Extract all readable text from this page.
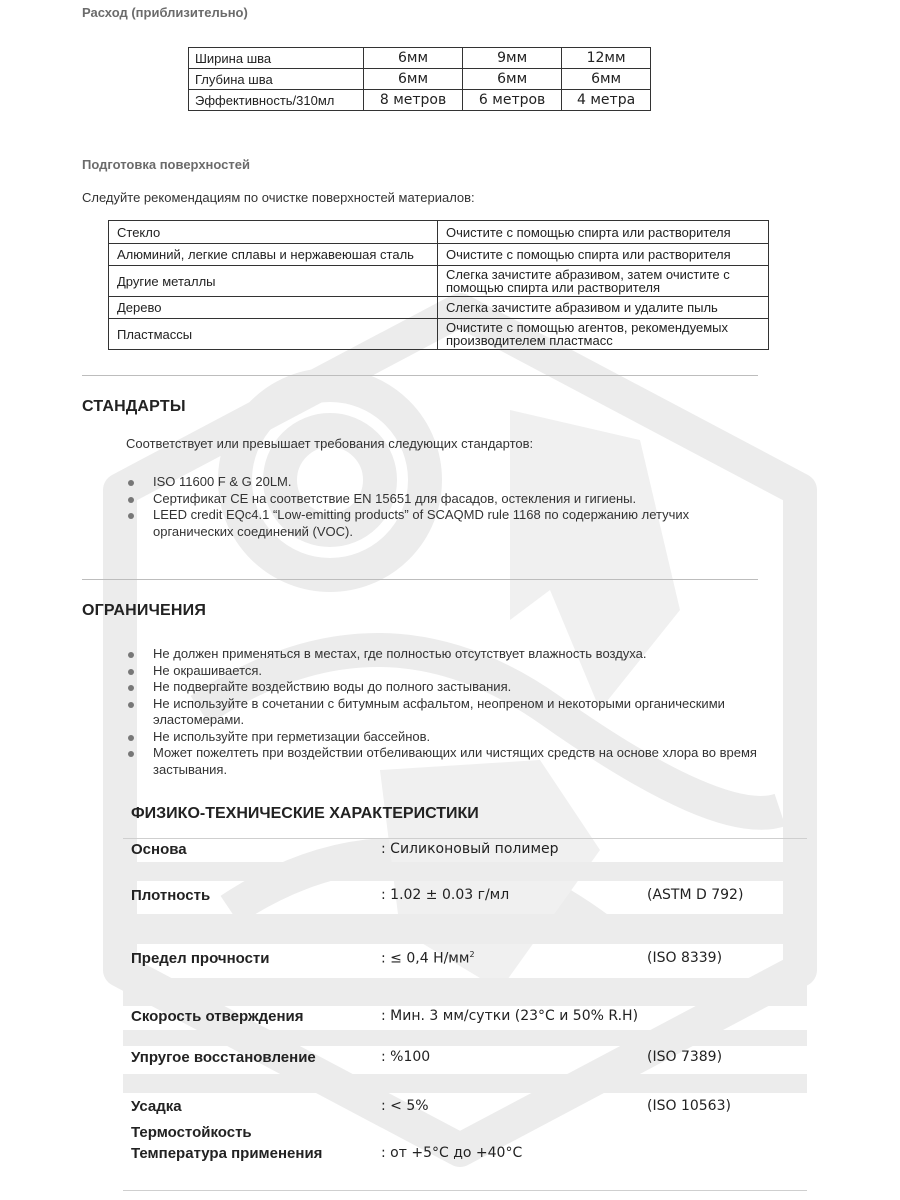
Расход (приблизительно)
Ширина шва	6мм	9мм	12мм
Глубина шва	6мм	6мм	6мм
Эффективность/310мл	8 метров	6 метров	4 метра
Подготовка поверхностей
Следуйте рекомендациям по очистке поверхностей материалов:
Стекло	Очистите с помощью спирта или растворителя
Алюминий, легкие сплавы и нержавеюшая сталь	Очистите с помощью спирта или растворителя
Другие металлы	Слегка зачистите абразивом, затем очистите с помощью спирта или растворителя
Дерево	Слегка зачистите абразивом и удалите пыль
Пластмассы	Очистите с помощью агентов, рекомендуемых производителем пластмасс
СТАНДАРТЫ
Соответствует или превышает требования следующих стандартов:
ISO 11600 F & G 20LM.
Сертификат CE на соответствие EN 15651 для фасадов, остекления и гигиены.
LEED credit EQc4.1 “Low-emitting products” of SCAQMD rule 1168 по содержанию летучих органических соединений (VOC).
ОГРАНИЧЕНИЯ
Не должен применяться в местах, где полностью отсутствует влажность воздуха.
Не окрашивается.
Не подвергайте воздействию воды до полного застывания.
Не используйте в сочетании с битумным асфальтом, неопреном и некоторыми органическими эластомерами.
Не используйте при герметизации бассейнов.
Может пожелтеть при воздействии отбеливающих или чистящих средств на основе хлора во время застывания.
ФИЗИКО-ТЕХНИЧЕСКИЕ ХАРАКТЕРИСТИКИ
Основа	: Силиконовый полимер
Плотность	: 1.02 ± 0.03 г/мл	(ASTM D 792)
Предел прочности	: ≤ 0,4 $Н/мм^2$	(ISO 8339)
Скорость отверждения	: Мин. 3 мм/сутки (23°C и 50% R.H)
Упругое восстановление	: %100	(ISO 7389)
Усадка	: < 5%	(ISO 10563)
Термостойкость
Температура применения	: от +5°C до +40°C
